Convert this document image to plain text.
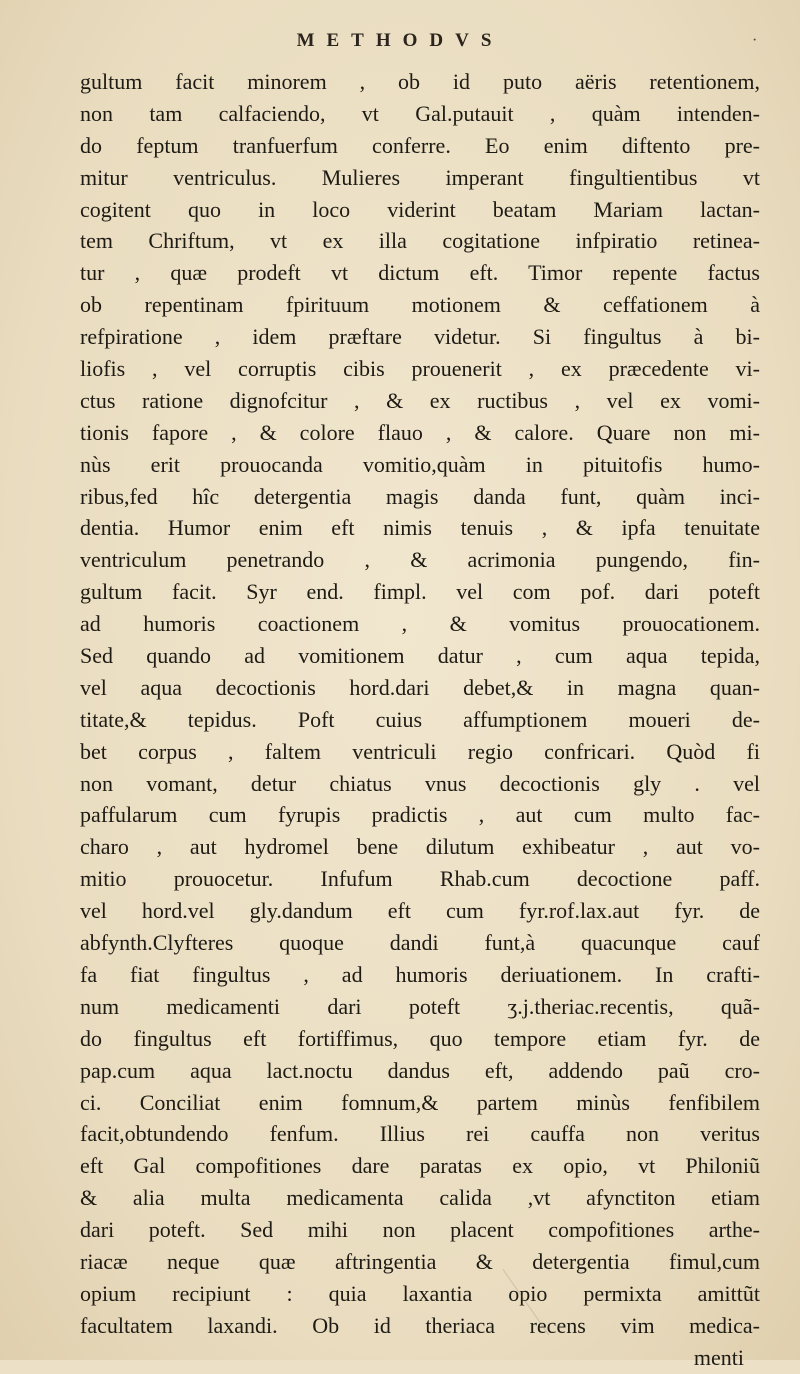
METHODVS	·
gultum facit minorem , ob id puto aëris retentionem,
non tam calfaciendo, vt Gal.putauit , quàm intenden-
do feptum tranfuerfum conferre. Eo enim diftento pre-
mitur ventriculus. Mulieres imperant fingultientibus vt
cogitent quo in loco viderint beatam Mariam lactan-
tem Chriftum, vt ex illa cogitatione infpiratio retinea-
tur , quæ prodeft vt dictum eft. Timor repente factus
ob repentinam fpirituum motionem & ceffationem à
refpiratione , idem præftare videtur. Si fingultus à bi-
liofis , vel corruptis cibis prouenerit , ex præcedente vi-
ctus ratione dignofcitur , & ex ructibus , vel ex vomi-
tionis fapore , & colore flauo , & calore. Quare non mi-
nùs erit prouocanda vomitio,quàm in pituitofis humo-
ribus,fed hîc detergentia magis danda funt, quàm inci-
dentia. Humor enim eft nimis tenuis , & ipfa tenuitate
ventriculum penetrando , & acrimonia pungendo, fin-
gultum facit. Syr end. fimpl. vel com pof. dari poteft
ad humoris coactionem , & vomitus prouocationem.
Sed quando ad vomitionem datur , cum aqua tepida,
vel aqua decoctionis hord.dari debet,& in magna quan-
titate,& tepidus. Poft cuius affumptionem moueri de-
bet corpus , faltem ventriculi regio confricari. Quòd fi
non vomant, detur chiatus vnus decoctionis gly . vel
paffularum cum fyrupis pradictis , aut cum multo fac-
charo , aut hydromel bene dilutum exhibeatur , aut vo-
mitio prouocetur. Infufum Rhab.cum decoctione paff.
vel hord.vel gly.dandum eft cum fyr.rof.lax.aut fyr. de
abfynth.Clyfteres quoque dandi funt,à quacunque cauf
fa fiat fingultus , ad humoris deriuationem. In crafti-
num medicamenti dari poteft ʒ.j.theriac.recentis, quã-
do fingultus eft fortiffimus, quo tempore etiam fyr. de
pap.cum aqua lact.noctu dandus eft, addendo paũ cro-
ci. Conciliat enim fomnum,& partem minùs fenfibilem
facit,obtundendo fenfum. Illius rei cauffa non veritus
eft Gal compofitiones dare paratas ex opio, vt Philoniũ
& alia multa medicamenta calida ,vt afynctiton etiam
dari poteft. Sed mihi non placent compofitiones arthe-
riacæ neque quæ aftringentia & detergentia fimul,cum
opium recipiunt : quia laxantia opio permixta amittũt
facultatem laxandi. Ob id theriaca recens vim medica-
menti
